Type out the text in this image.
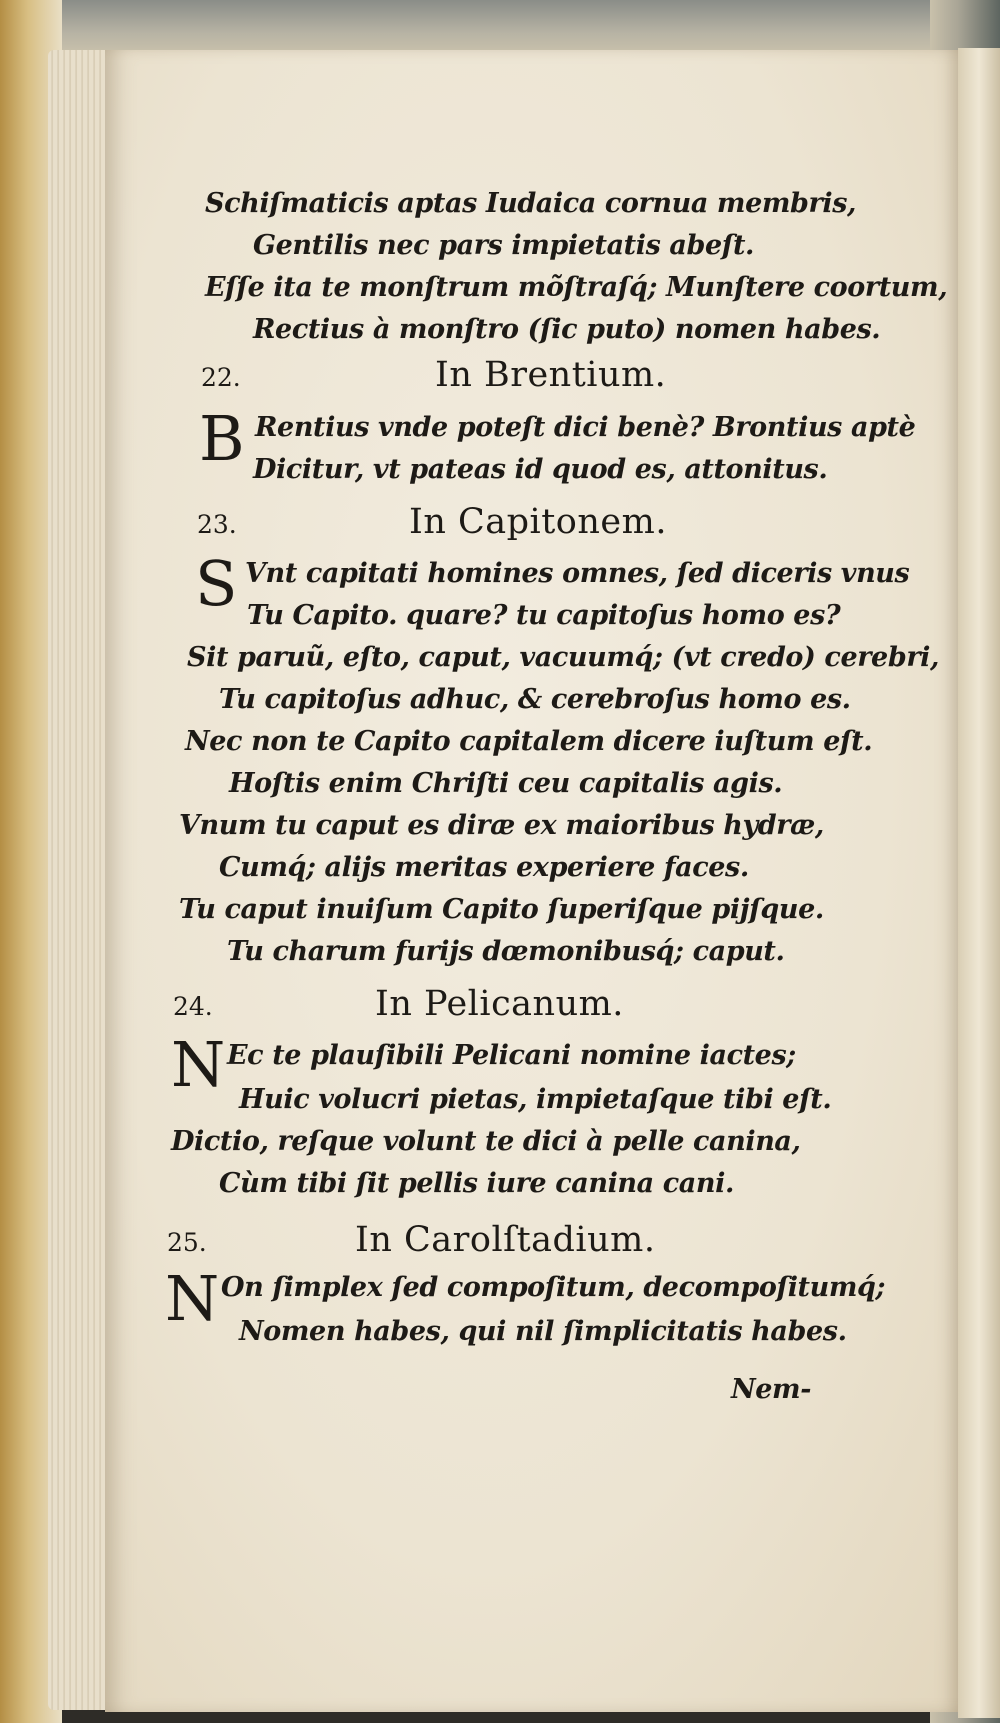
Schiſmaticis aptas Iudaica cornua membris,

Gentilis nec pars impietatis abeſt.

Eſſe ita te monſtrum mõſtraſq́; Munſtere coortum,

Rectius à monſtro (ſic puto) nomen habes.

22.	In Brentium.

B Rentius vnde poteſt dici benè? Brontius aptè

Dicitur, vt pateas id quod es, attonitus.

23.	In Capitonem.

S Vnt capitati homines omnes, ſed diceris vnus

Tu Capito. quare? tu capitoſus homo es?

Sit paruũ, eſto, caput, vacuumq́; (vt credo) cerebri,

Tu capitoſus adhuc, & cerebroſus homo es.

Nec non te Capito capitalem dicere iuſtum eſt.

Hoſtis enim Chriſti ceu capitalis agis.

Vnum tu caput es diræ ex maioribus hydræ,

Cumq́; alijs meritas experiere faces.

Tu caput inuiſum Capito ſuperiſque pijſque.

Tu charum furijs dœmonibusq́; caput.

24.	In Pelicanum.

N Ec te plauſibili Pelicani nomine iactes;

Huic volucri pietas, impietaſque tibi eſt.

Dictio, reſque volunt te dici à pelle canina,

Cùm tibi ſit pellis iure canina cani.

25.	In Carolſtadium.

N On ſimplex ſed compoſitum, decompoſitumq́;

Nomen habes, qui nil ſimplicitatis habes.

Nem-
